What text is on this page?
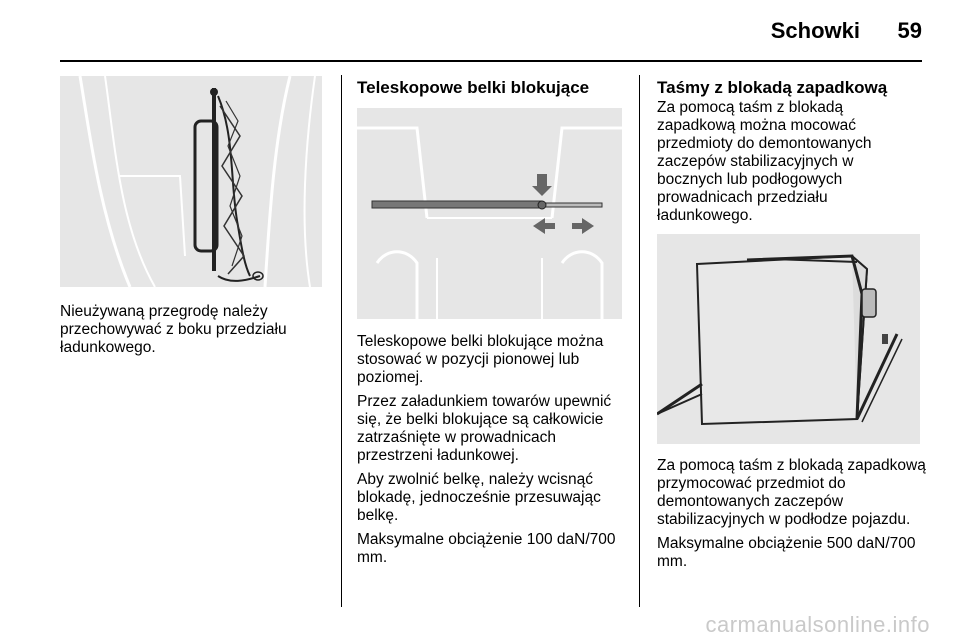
Schowki	59

Nieużywaną przegrodę należy przechowywać z boku przedziału ładunkowego.

Teleskopowe belki blokujące

Teleskopowe belki blokujące można stosować w pozycji pionowej lub poziomej.

Przez załadunkiem towarów upewnić się, że belki blokujące są całkowicie zatrzaśnięte w prowadnicach przestrzeni ładunkowej.

Aby zwolnić belkę, należy wcisnąć blokadę, jednocześnie przesuwając belkę.

Maksymalne obciążenie 100 daN/700 mm.

Taśmy z blokadą zapadkową

Za pomocą taśm z blokadą zapadkową można mocować przedmioty do demontowanych zaczepów stabilizacyjnych w bocznych lub podłogowych prowadnicach przedziału ładunkowego.

Za pomocą taśm z blokadą zapadkową przymocować przedmiot do demontowanych zaczepów stabilizacyjnych w podłodze pojazdu.

Maksymalne obciążenie 500 daN/700 mm.

carmanualsonline.info
